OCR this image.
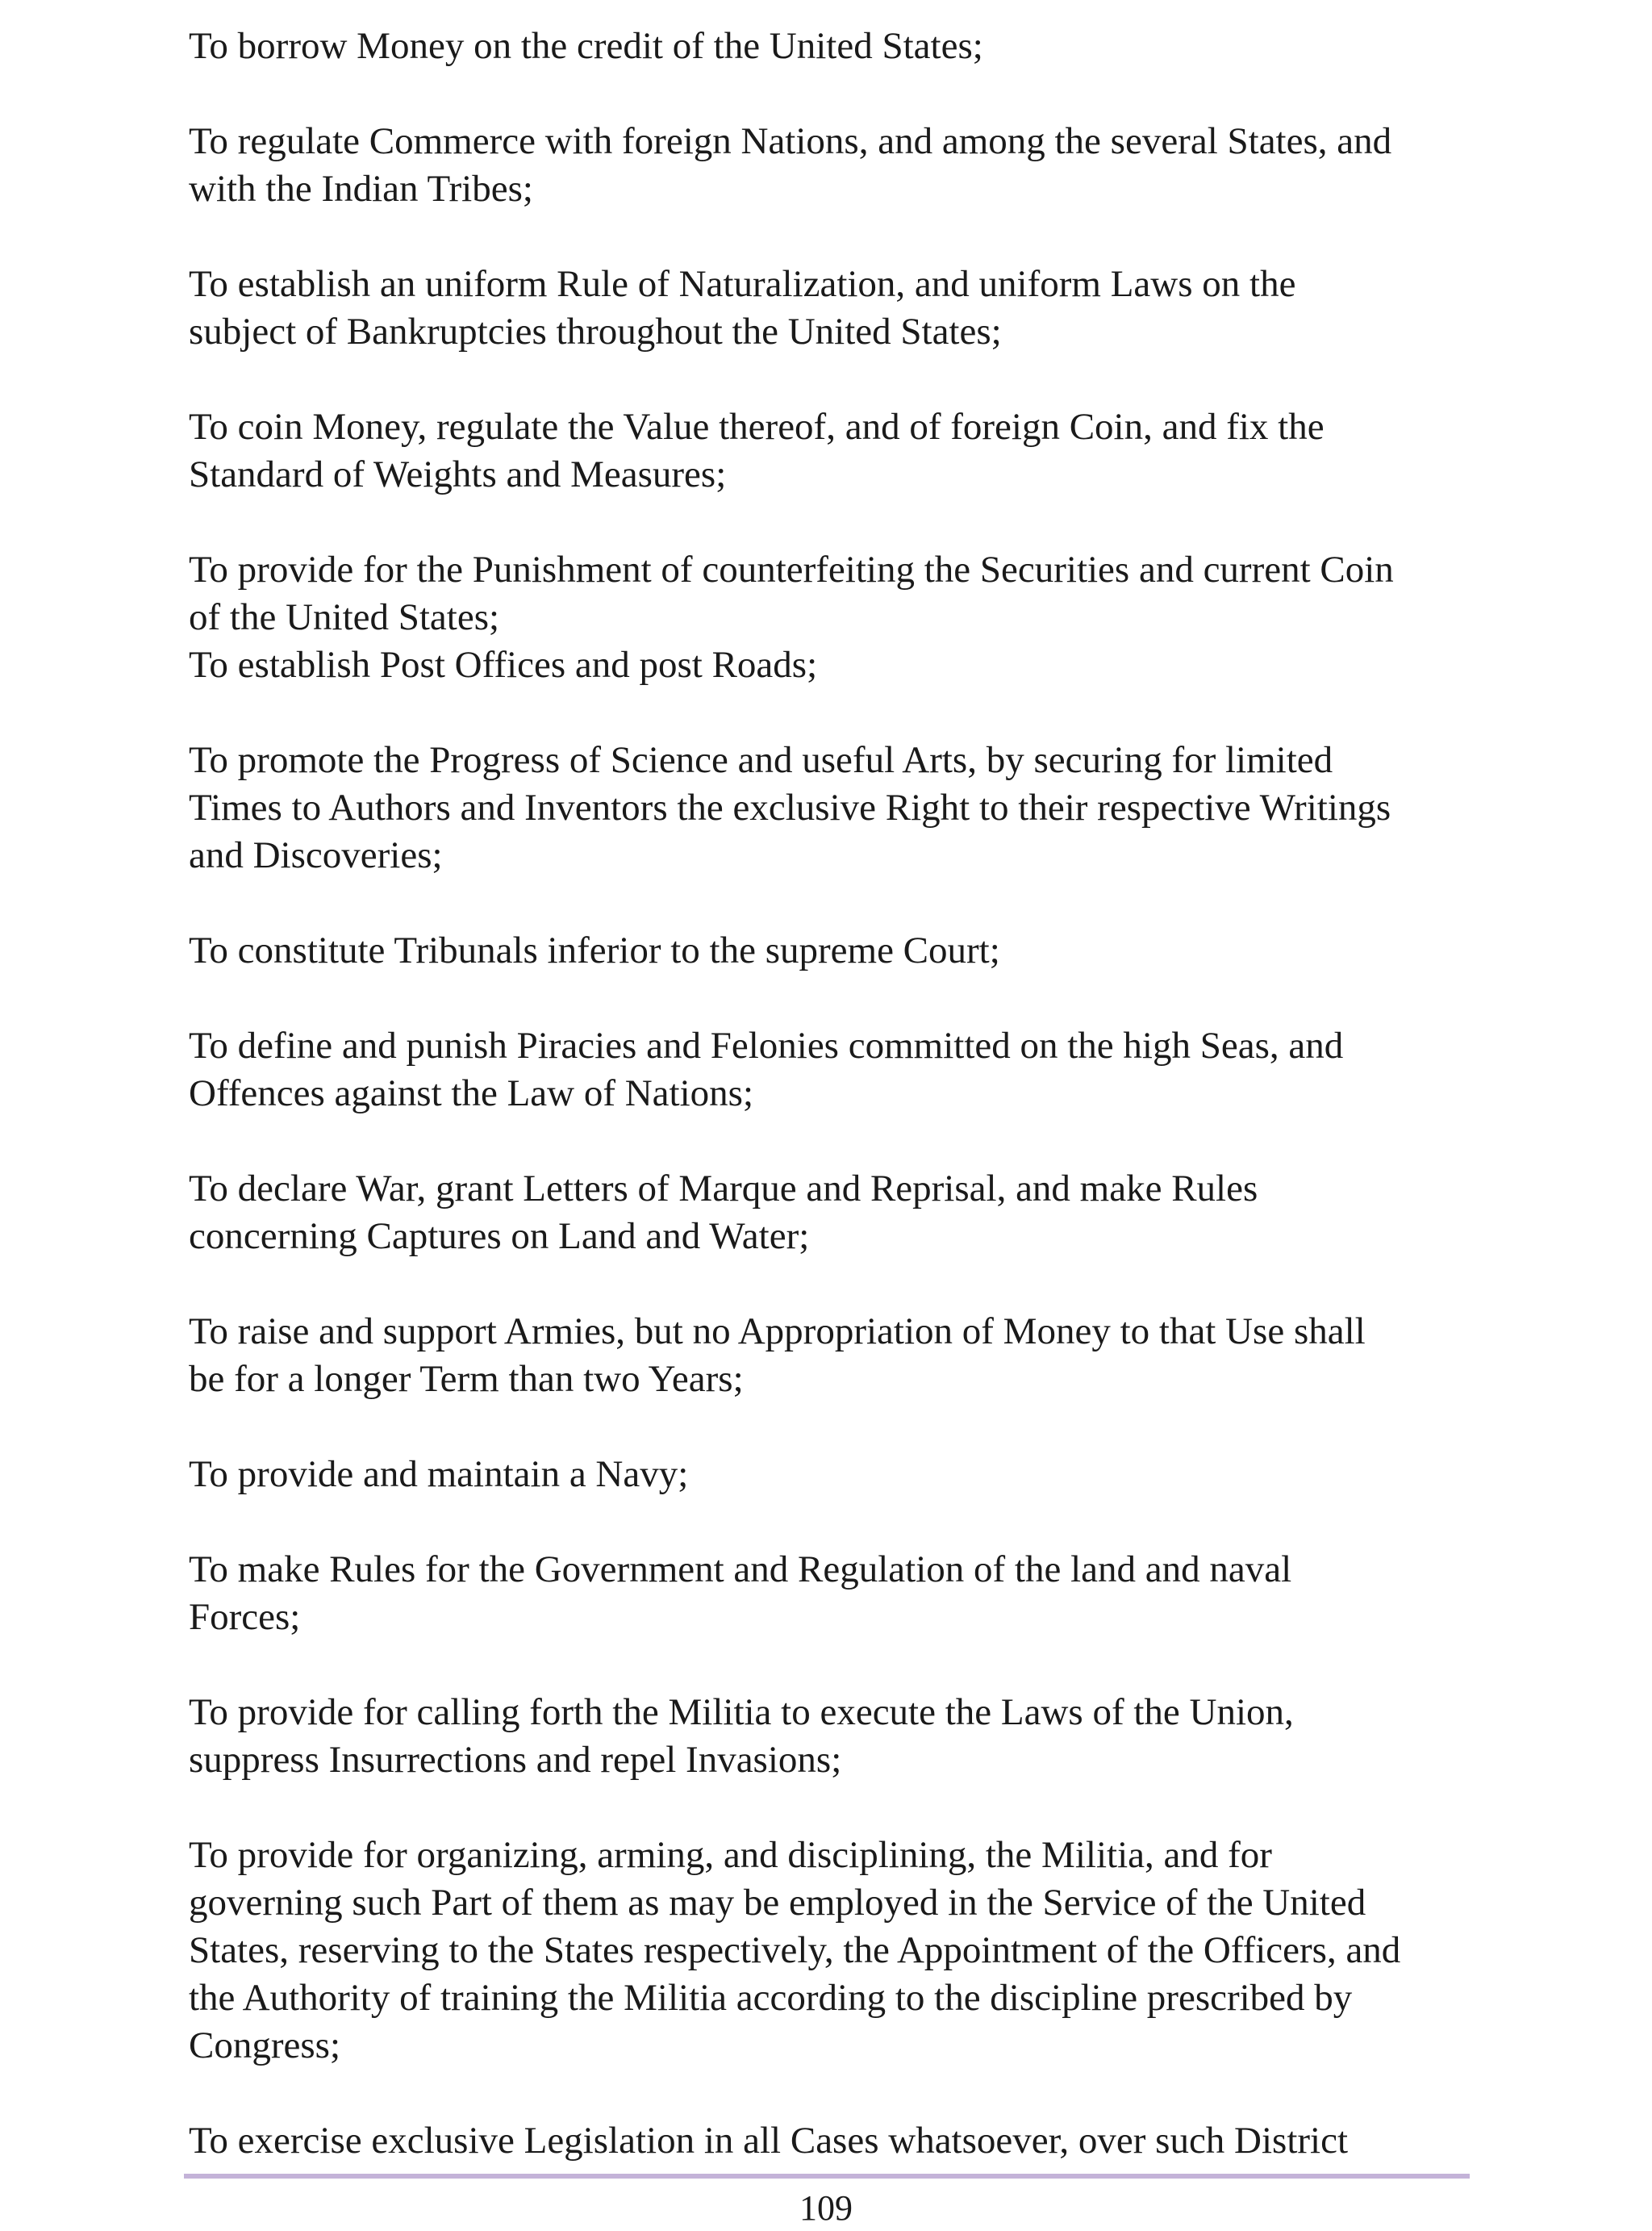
To borrow Money on the credit of the United States;

To regulate Commerce with foreign Nations, and among the several States, and
with the Indian Tribes;

To establish an uniform Rule of Naturalization, and uniform Laws on the
subject of Bankruptcies throughout the United States;

To coin Money, regulate the Value thereof, and of foreign Coin, and fix the
Standard of Weights and Measures;

To provide for the Punishment of counterfeiting the Securities and current Coin
of the United States;

To establish Post Offices and post Roads;

To promote the Progress of Science and useful Arts, by securing for limited
Times to Authors and Inventors the exclusive Right to their respective Writings
and Discoveries;

To constitute Tribunals inferior to the supreme Court;

To define and punish Piracies and Felonies committed on the high Seas, and
Offences against the Law of Nations;

To declare War, grant Letters of Marque and Reprisal, and make Rules
concerning Captures on Land and Water;

To raise and support Armies, but no Appropriation of Money to that Use shall
be for a longer Term than two Years;

To provide and maintain a Navy;

To make Rules for the Government and Regulation of the land and naval
Forces;

To provide for calling forth the Militia to execute the Laws of the Union,
suppress Insurrections and repel Invasions;

To provide for organizing, arming, and disciplining, the Militia, and for
governing such Part of them as may be employed in the Service of the United
States, reserving to the States respectively, the Appointment of the Officers, and
the Authority of training the Militia according to the discipline prescribed by
Congress;

To exercise exclusive Legislation in all Cases whatsoever, over such District

109
